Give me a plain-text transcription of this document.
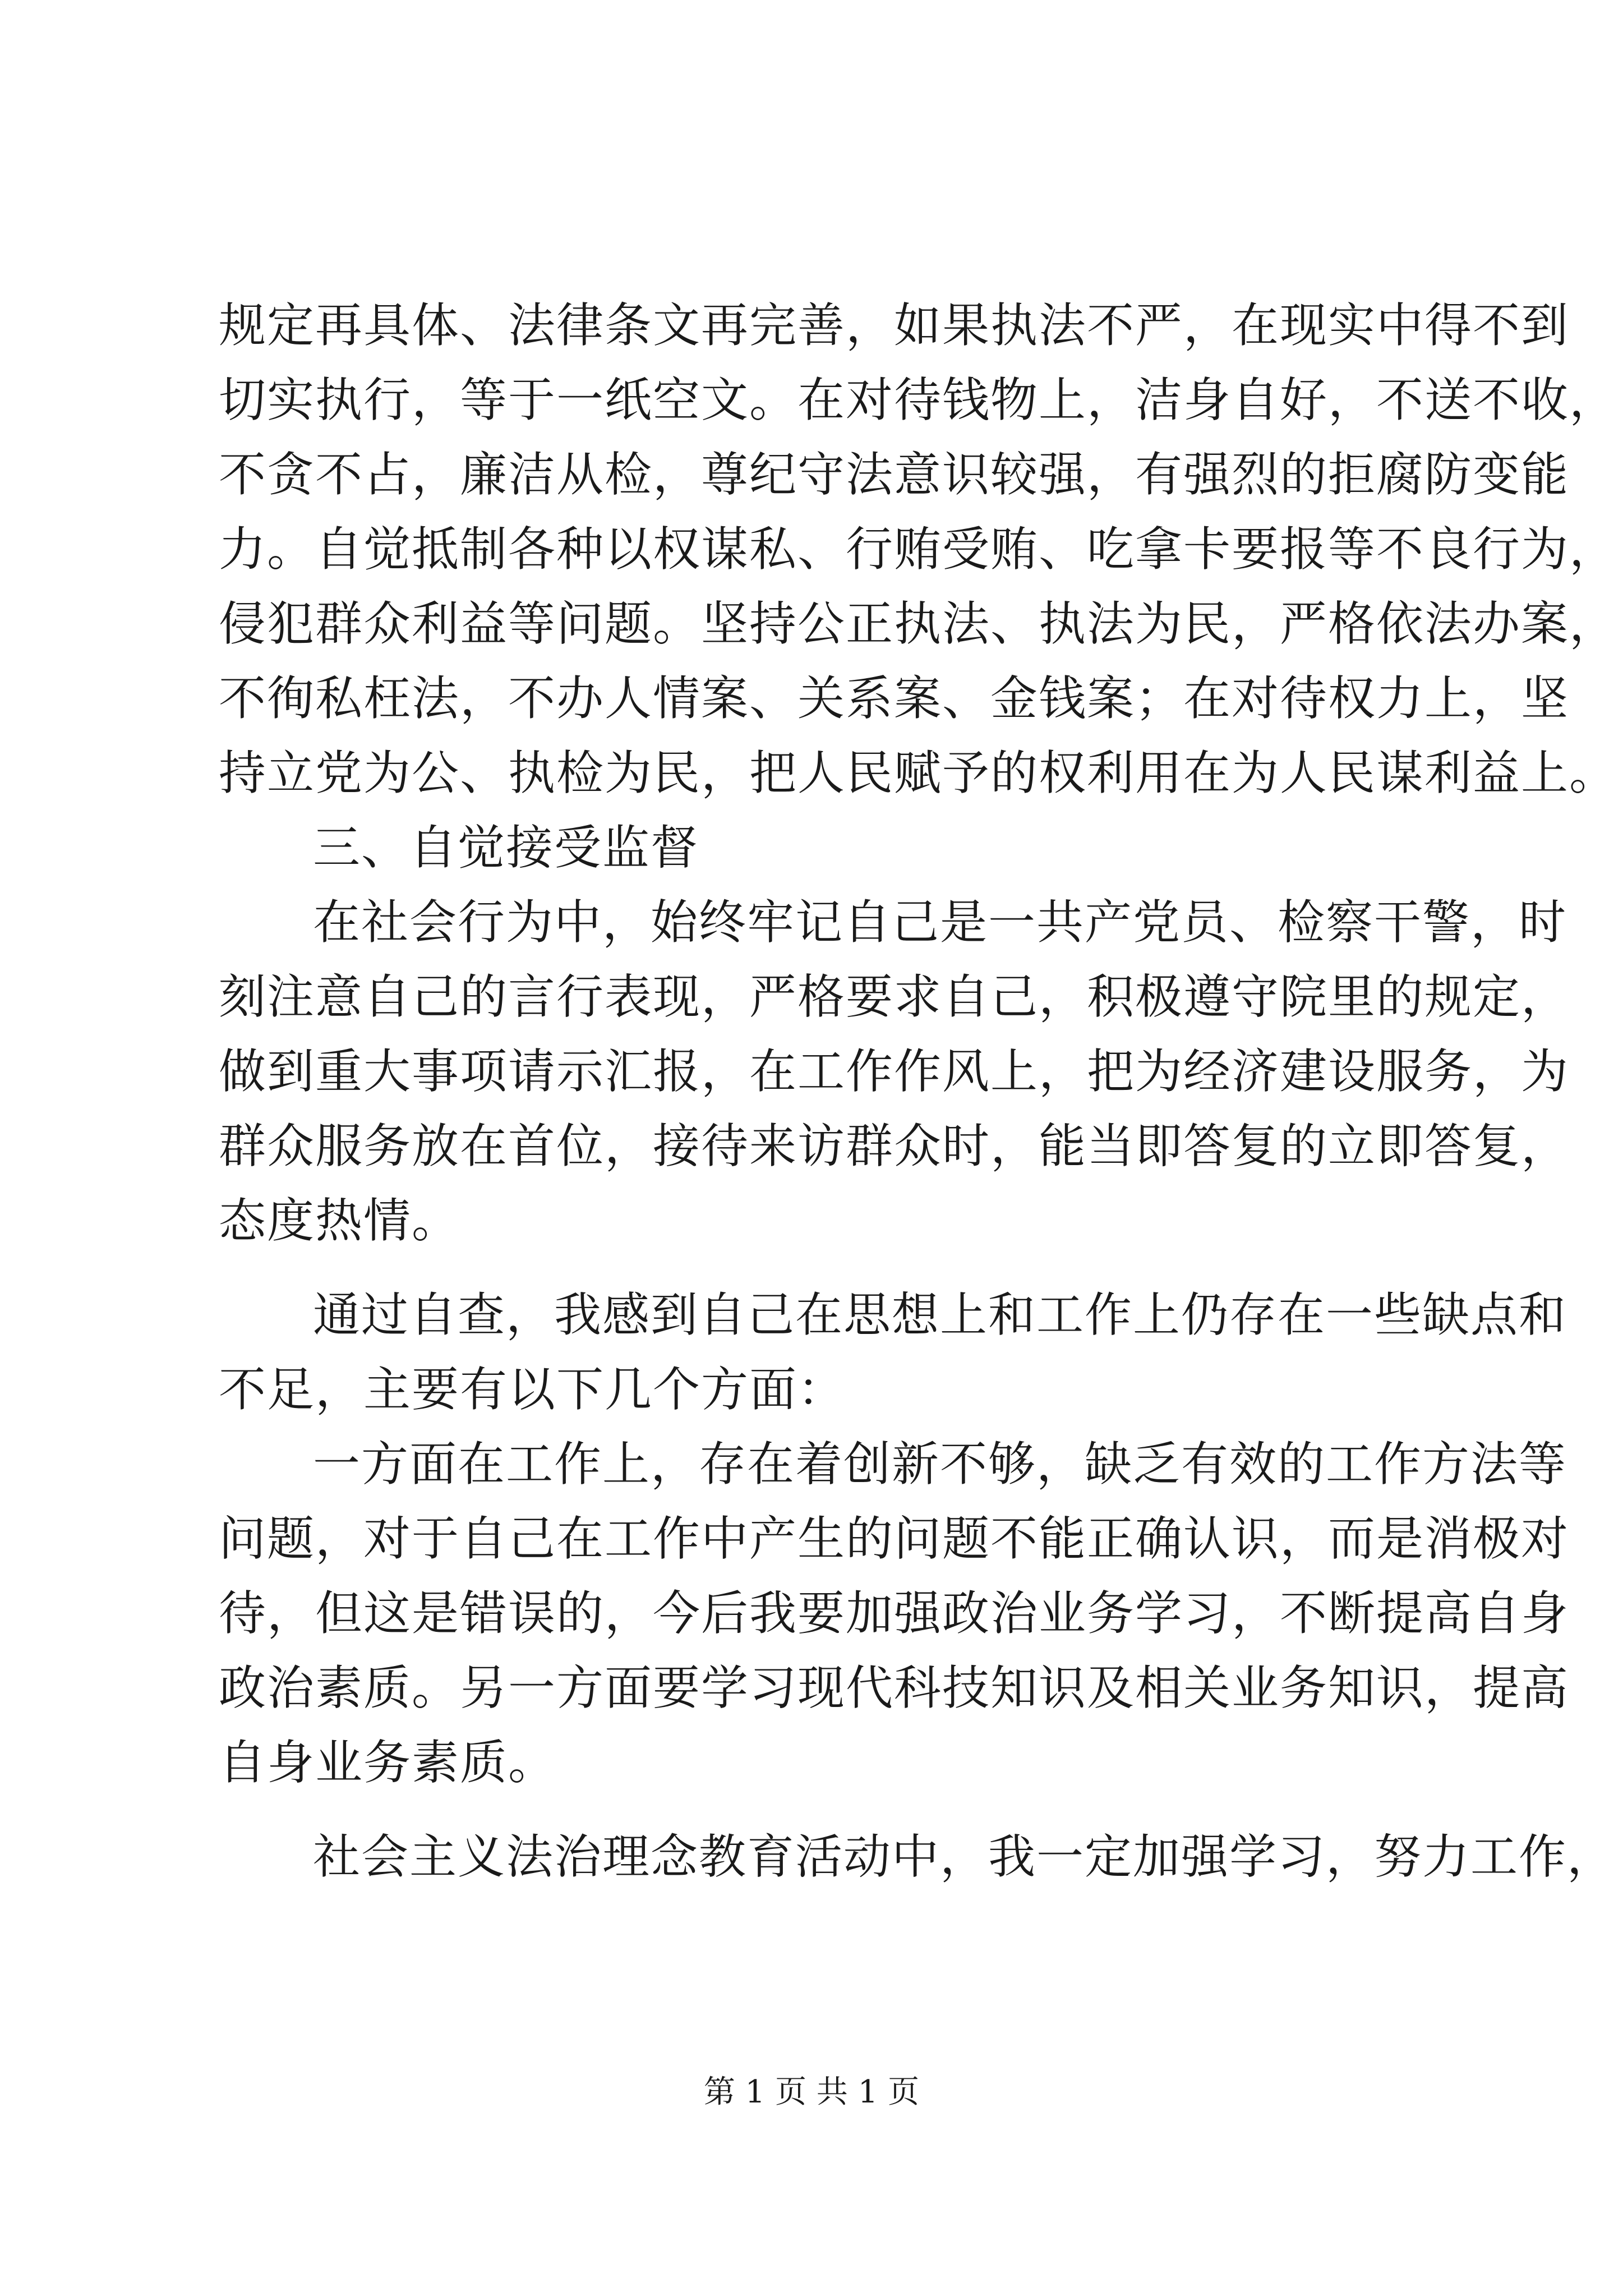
规定再具体、法律条文再完善，如果执法不严，在现实中得不到
切实执行，等于一纸空文。在对待钱物上，洁身自好，不送不收，
不贪不占，廉洁从检，尊纪守法意识较强，有强烈的拒腐防变能
力。自觉抵制各种以权谋私、行贿受贿、吃拿卡要报等不良行为，
侵犯群众利益等问题。坚持公正执法、执法为民，严格依法办案，
不徇私枉法，不办人情案、关系案、金钱案；在对待权力上，坚
持立党为公、执检为民，把人民赋予的权利用在为人民谋利益上。
三、自觉接受监督
在社会行为中，始终牢记自己是一共产党员、检察干警，时
刻注意自己的言行表现，严格要求自己，积极遵守院里的规定，
做到重大事项请示汇报，在工作作风上，把为经济建设服务，为
群众服务放在首位，接待来访群众时，能当即答复的立即答复，
态度热情。
通过自查，我感到自己在思想上和工作上仍存在一些缺点和
不足，主要有以下几个方面：
一方面在工作上，存在着创新不够，缺乏有效的工作方法等
问题，对于自己在工作中产生的问题不能正确认识，而是消极对
待，但这是错误的，今后我要加强政治业务学习，不断提高自身
政治素质。另一方面要学习现代科技知识及相关业务知识，提高
自身业务素质。
社会主义法治理念教育活动中，我一定加强学习，努力工作，
第 1 页 共 1 页
